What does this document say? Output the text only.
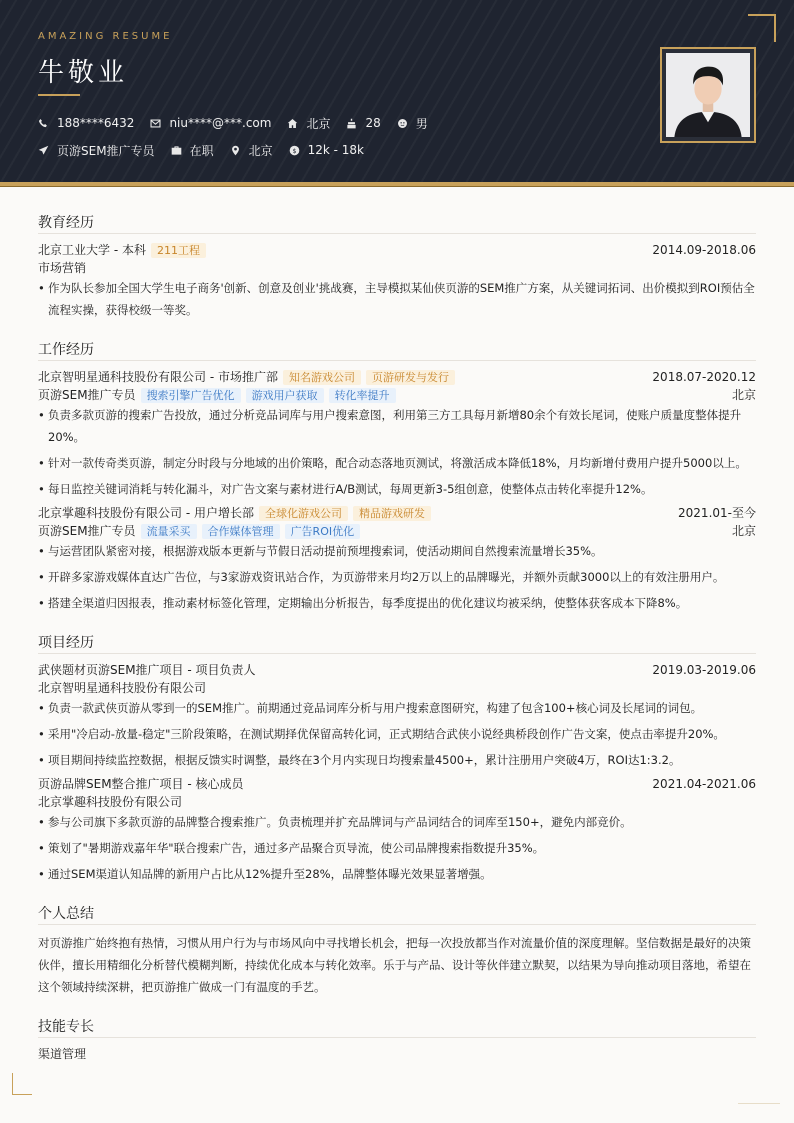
AMAZING RESUME
牛敬业
188****6432	niu****@***.com	北京	28	男
页游SEM推广专员	在职	北京 $ 12k - 18k
教育经历
北京工业大学 - 本科	211工程	2014.09-2018.06
市场营销
• 作为队长参加全国大学生电子商务'创新、创意及创业'挑战赛，主导模拟某仙侠页游的SEM推广方案，从关键词拓词、出价模拟到ROI预估全流程实操，获得校级一等奖。
工作经历
北京智明星通科技股份有限公司 - 市场推广部	知名游戏公司	页游研发与发行	2018.07-2020.12
页游SEM推广专员	搜索引擎广告优化	游戏用户获取	转化率提升	北京
• 负责多款页游的搜索广告投放，通过分析竞品词库与用户搜索意图，利用第三方工具每月新增80余个有效长尾词，使账户质量度整体提升20%。
• 针对一款传奇类页游，制定分时段与分地域的出价策略，配合动态落地页测试，将激活成本降低18%，月均新增付费用户提升5000以上。
• 每日监控关键词消耗与转化漏斗，对广告文案与素材进行A/B测试，每周更新3-5组创意，使整体点击转化率提升12%。
北京掌趣科技股份有限公司 - 用户增长部	全球化游戏公司	精品游戏研发	2021.01-至今
页游SEM推广专员	流量采买	合作媒体管理	广告ROI优化	北京
• 与运营团队紧密对接，根据游戏版本更新与节假日活动提前预埋搜索词，使活动期间自然搜索流量增长35%。
• 开辟多家游戏媒体直达广告位，与3家游戏资讯站合作，为页游带来月均2万以上的品牌曝光，并额外贡献3000以上的有效注册用户。
• 搭建全渠道归因报表，推动素材标签化管理，定期输出分析报告，每季度提出的优化建议均被采纳，使整体获客成本下降8%。
项目经历
武侠题材页游SEM推广项目 - 项目负责人	2019.03-2019.06
北京智明星通科技股份有限公司
• 负责一款武侠页游从零到一的SEM推广。前期通过竞品词库分析与用户搜索意图研究，构建了包含100+核心词及长尾词的词包。
• 采用"冷启动-放量-稳定"三阶段策略，在测试期择优保留高转化词，正式期结合武侠小说经典桥段创作广告文案，使点击率提升20%。
• 项目期间持续监控数据，根据反馈实时调整，最终在3个月内实现日均搜索量4500+，累计注册用户突破4万，ROI达1:3.2。
页游品牌SEM整合推广项目 - 核心成员	2021.04-2021.06
北京掌趣科技股份有限公司
• 参与公司旗下多款页游的品牌整合搜索推广。负责梳理并扩充品牌词与产品词结合的词库至150+，避免内部竞价。
• 策划了"暑期游戏嘉年华"联合搜索广告，通过多产品聚合页导流，使公司品牌搜索指数提升35%。
• 通过SEM渠道认知品牌的新用户占比从12%提升至28%，品牌整体曝光效果显著增强。
个人总结
对页游推广始终抱有热情，习惯从用户行为与市场风向中寻找增长机会，把每一次投放都当作对流量价值的深度理解。坚信数据是最好的决策伙伴，擅长用精细化分析替代模糊判断，持续优化成本与转化效率。乐于与产品、设计等伙伴建立默契，以结果为导向推动项目落地，希望在这个领域持续深耕，把页游推广做成一门有温度的手艺。
技能专长
渠道管理
